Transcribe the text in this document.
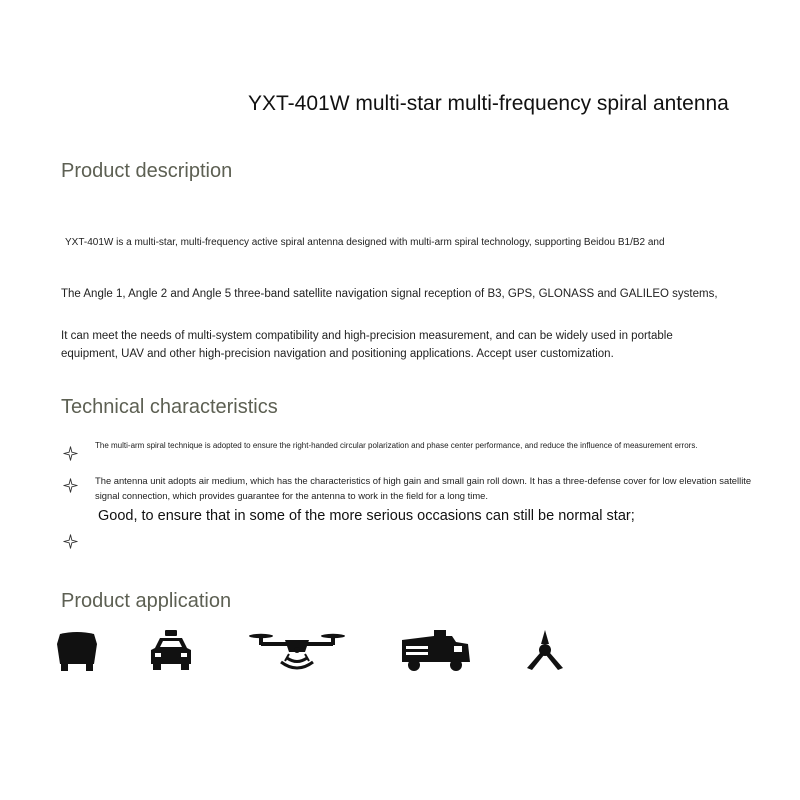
YXT-401W multi-star multi-frequency spiral antenna
Product description
YXT-401W is a multi-star, multi-frequency active spiral antenna designed with multi-arm spiral technology, supporting Beidou B1/B2 and
The Angle 1, Angle 2 and Angle 5 three-band satellite navigation signal reception of B3, GPS, GLONASS and GALILEO systems,
It can meet the needs of multi-system compatibility and high-precision measurement, and can be widely used in portable
equipment, UAV and other high-precision navigation and positioning applications. Accept user customization.
Technical characteristics
The multi-arm spiral technique is adopted to ensure the right-handed circular polarization and phase center performance, and reduce the influence of measurement errors.
The antenna unit adopts air medium, which has the characteristics of high gain and small gain roll down. It has a three-defense cover for low elevation satellite signal connection, which provides guarantee for the antenna to work in the field for a long time.
Good, to ensure that in some of the more serious occasions can still be normal star;
Product application
